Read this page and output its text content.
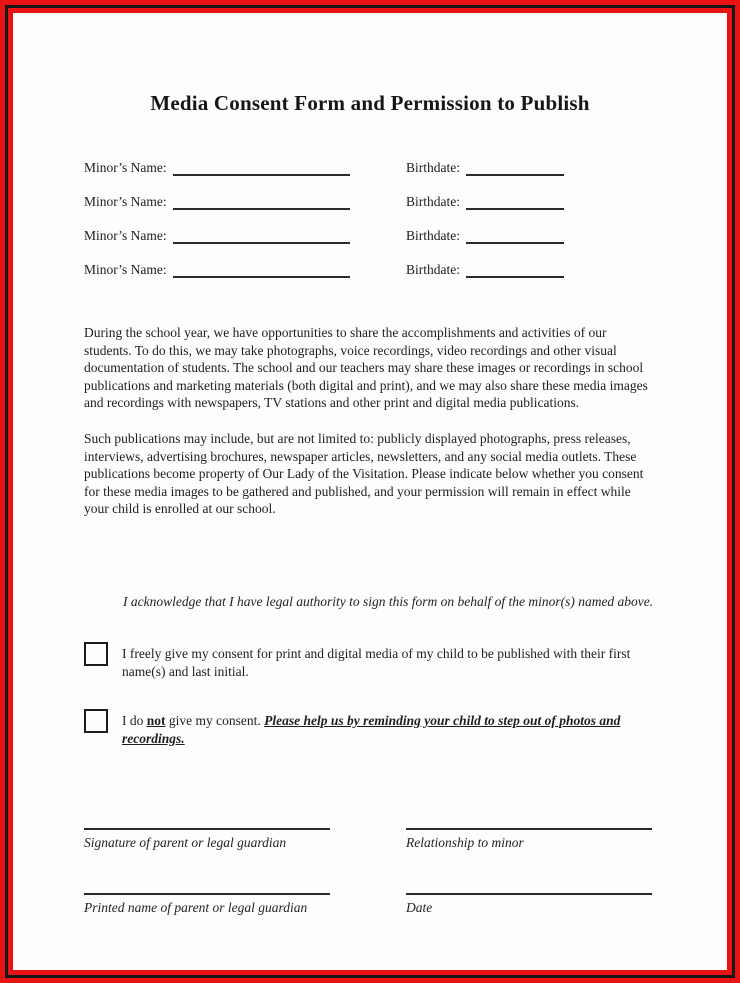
Media Consent Form and Permission to Publish
Minor’s Name:	Birthdate:
Minor’s Name:	Birthdate:
Minor’s Name:	Birthdate:
Minor’s Name:	Birthdate:
During the school year, we have opportunities to share the accomplishments and activities of our students. To do this, we may take photographs, voice recordings, video recordings and other visual documentation of students. The school and our teachers may share these images or recordings in school publications and marketing materials (both digital and print), and we may also share these media images and recordings with newspapers, TV stations and other print and digital media publications.
Such publications may include, but are not limited to: publicly displayed photographs, press releases, interviews, advertising brochures, newspaper articles, newsletters, and any social media outlets. These publications become property of Our Lady of the Visitation. Please indicate below whether you consent for these media images to be gathered and published, and your permission will remain in effect while your child is enrolled at our school.
I acknowledge that I have legal authority to sign this form on behalf of the minor(s) named above.
I freely give my consent for print and digital media of my child to be published with their first name(s) and last initial.
I do not give my consent. Please help us by reminding your child to step out of photos and recordings.
Signature of parent or legal guardian	Relationship to minor
Printed name of parent or legal guardian	Date
